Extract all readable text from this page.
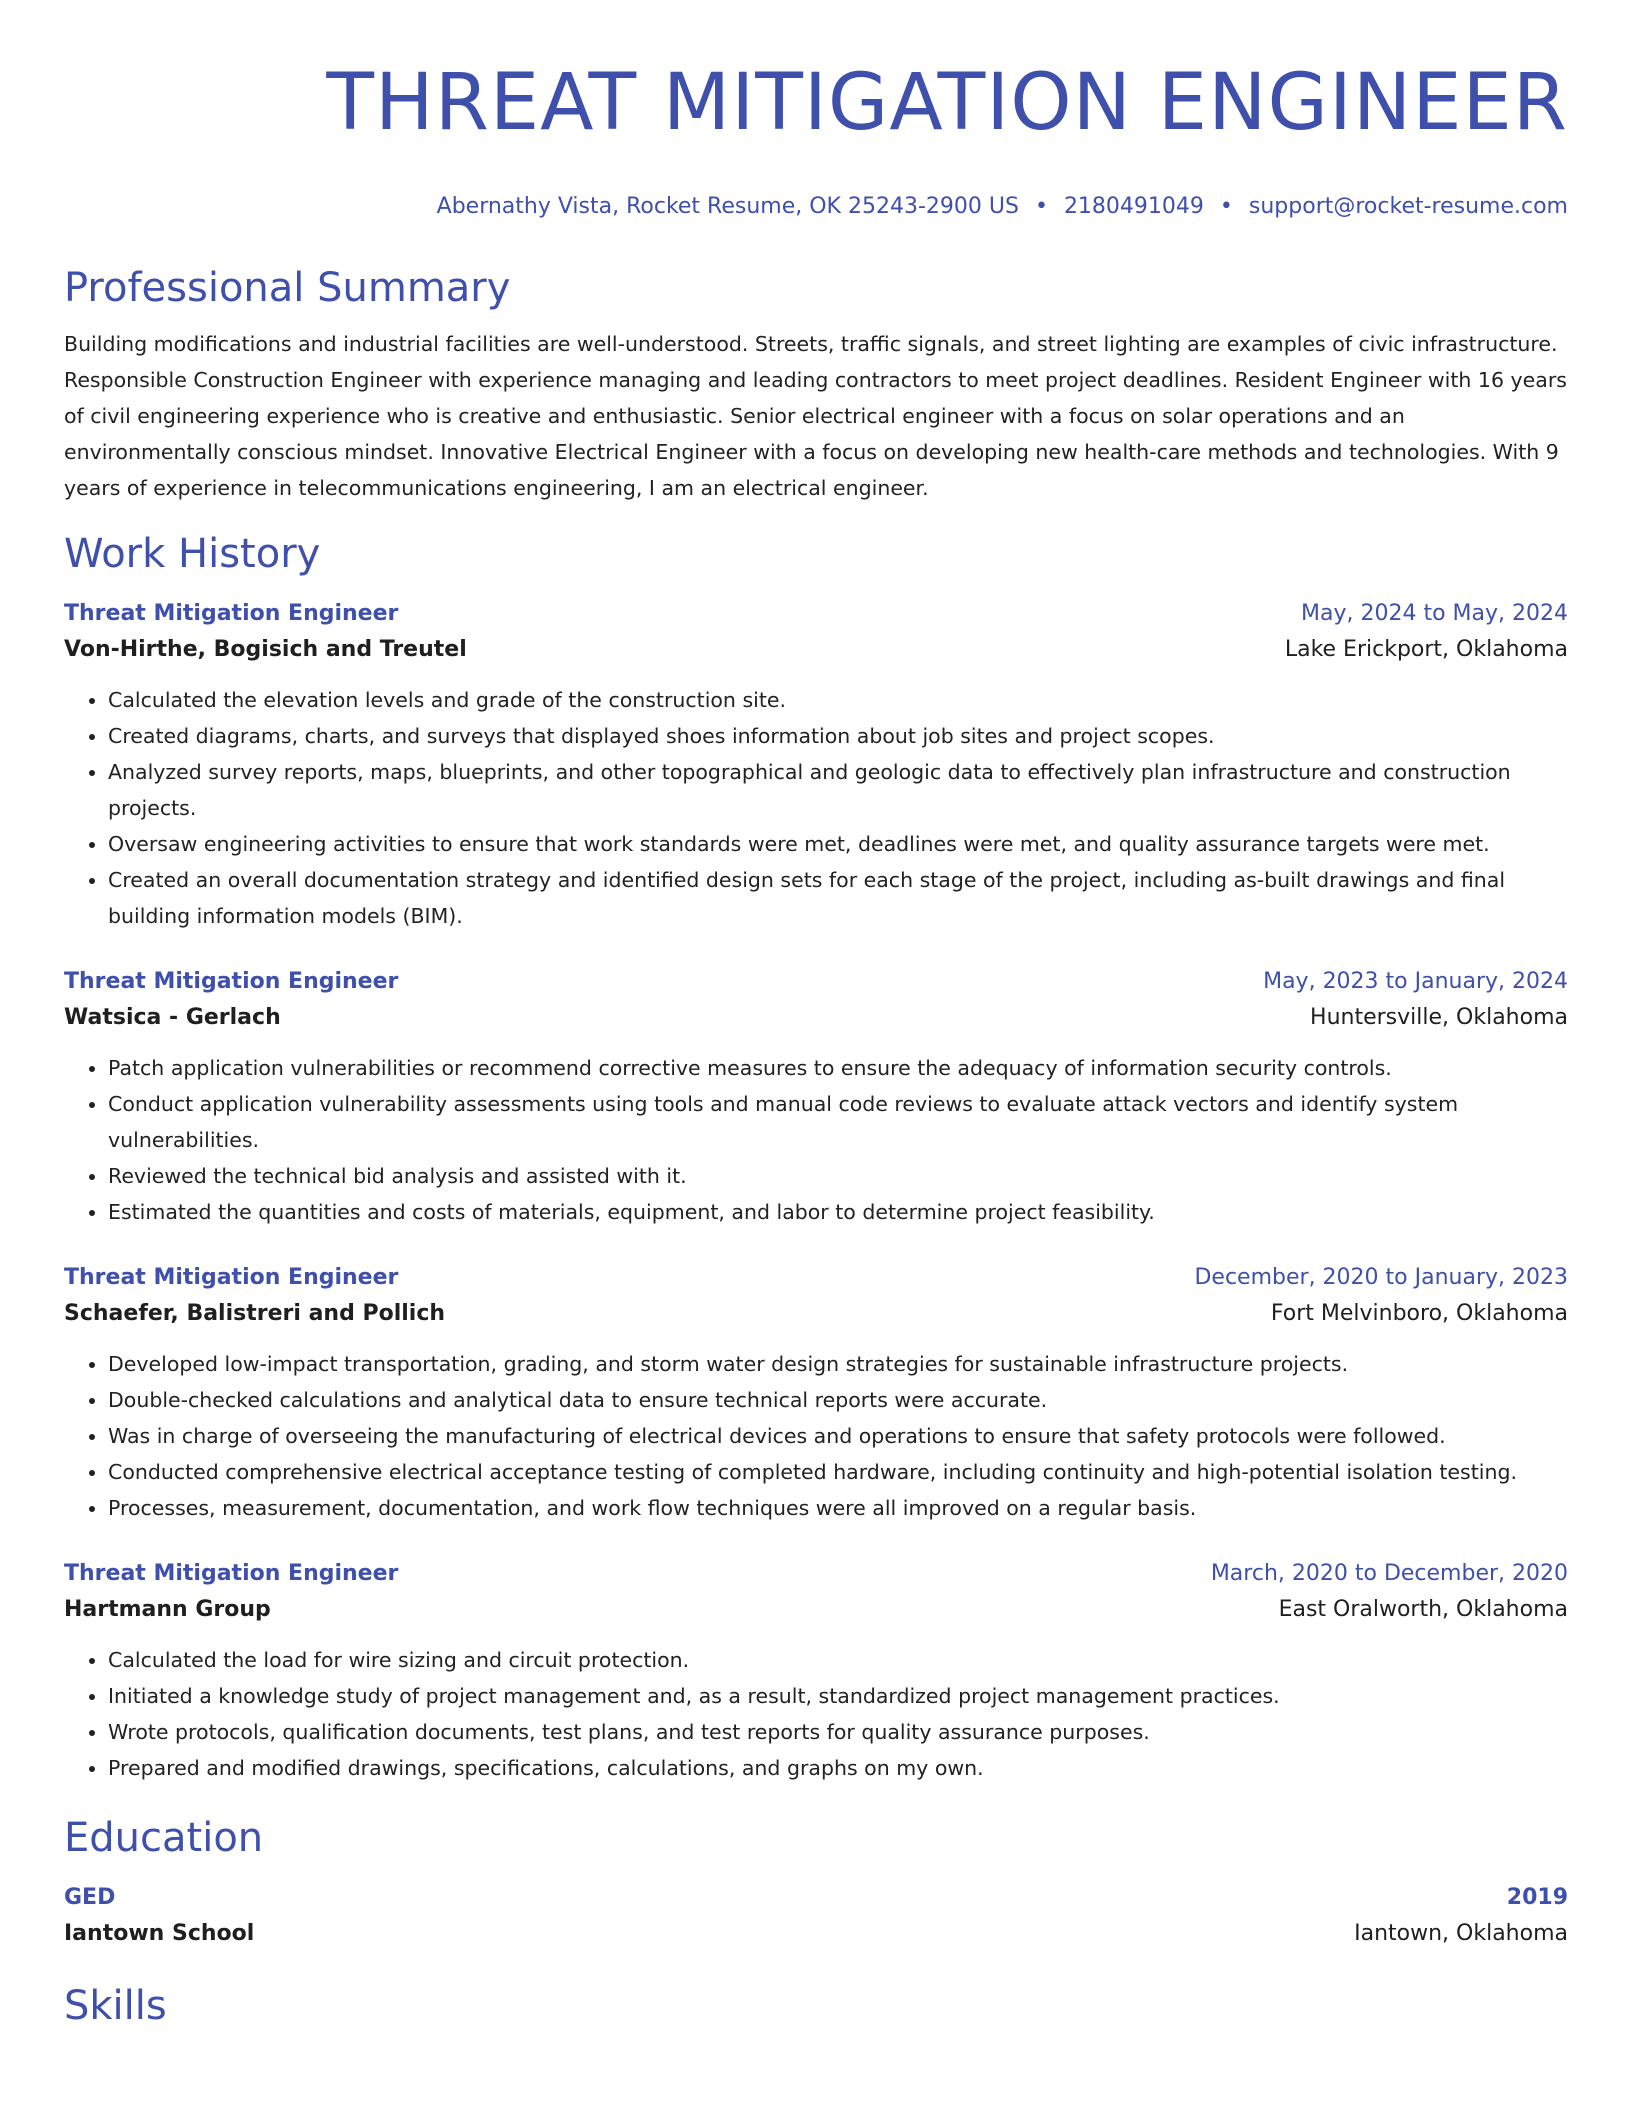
THREAT MITIGATION ENGINEER
Abernathy Vista, Rocket Resume, OK 25243-2900 US • 2180491049 • support@rocket-resume.com
Professional Summary
Building modifications and industrial facilities are well-understood. Streets, traffic signals, and street lighting are examples of civic infrastructure. Responsible Construction Engineer with experience managing and leading contractors to meet project deadlines. Resident Engineer with 16 years of civil engineering experience who is creative and enthusiastic. Senior electrical engineer with a focus on solar operations and an environmentally conscious mindset. Innovative Electrical Engineer with a focus on developing new health-care methods and technologies. With 9 years of experience in telecommunications engineering, I am an electrical engineer.
Work History
Threat Mitigation Engineer	May, 2024 to May, 2024
Von-Hirthe, Bogisich and Treutel	Lake Erickport, Oklahoma
• Calculated the elevation levels and grade of the construction site.
• Created diagrams, charts, and surveys that displayed shoes information about job sites and project scopes.
• Analyzed survey reports, maps, blueprints, and other topographical and geologic data to effectively plan infrastructure and construction projects.
• Oversaw engineering activities to ensure that work standards were met, deadlines were met, and quality assurance targets were met.
• Created an overall documentation strategy and identified design sets for each stage of the project, including as-built drawings and final building information models (BIM).
Threat Mitigation Engineer	May, 2023 to January, 2024
Watsica - Gerlach	Huntersville, Oklahoma
• Patch application vulnerabilities or recommend corrective measures to ensure the adequacy of information security controls.
• Conduct application vulnerability assessments using tools and manual code reviews to evaluate attack vectors and identify system vulnerabilities.
• Reviewed the technical bid analysis and assisted with it.
• Estimated the quantities and costs of materials, equipment, and labor to determine project feasibility.
Threat Mitigation Engineer	December, 2020 to January, 2023
Schaefer, Balistreri and Pollich	Fort Melvinboro, Oklahoma
• Developed low-impact transportation, grading, and storm water design strategies for sustainable infrastructure projects.
• Double-checked calculations and analytical data to ensure technical reports were accurate.
• Was in charge of overseeing the manufacturing of electrical devices and operations to ensure that safety protocols were followed.
• Conducted comprehensive electrical acceptance testing of completed hardware, including continuity and high-potential isolation testing.
• Processes, measurement, documentation, and work flow techniques were all improved on a regular basis.
Threat Mitigation Engineer	March, 2020 to December, 2020
Hartmann Group	East Oralworth, Oklahoma
• Calculated the load for wire sizing and circuit protection.
• Initiated a knowledge study of project management and, as a result, standardized project management practices.
• Wrote protocols, qualification documents, test plans, and test reports for quality assurance purposes.
• Prepared and modified drawings, specifications, calculations, and graphs on my own.
Education
GED	2019
Iantown School	Iantown, Oklahoma
Skills
